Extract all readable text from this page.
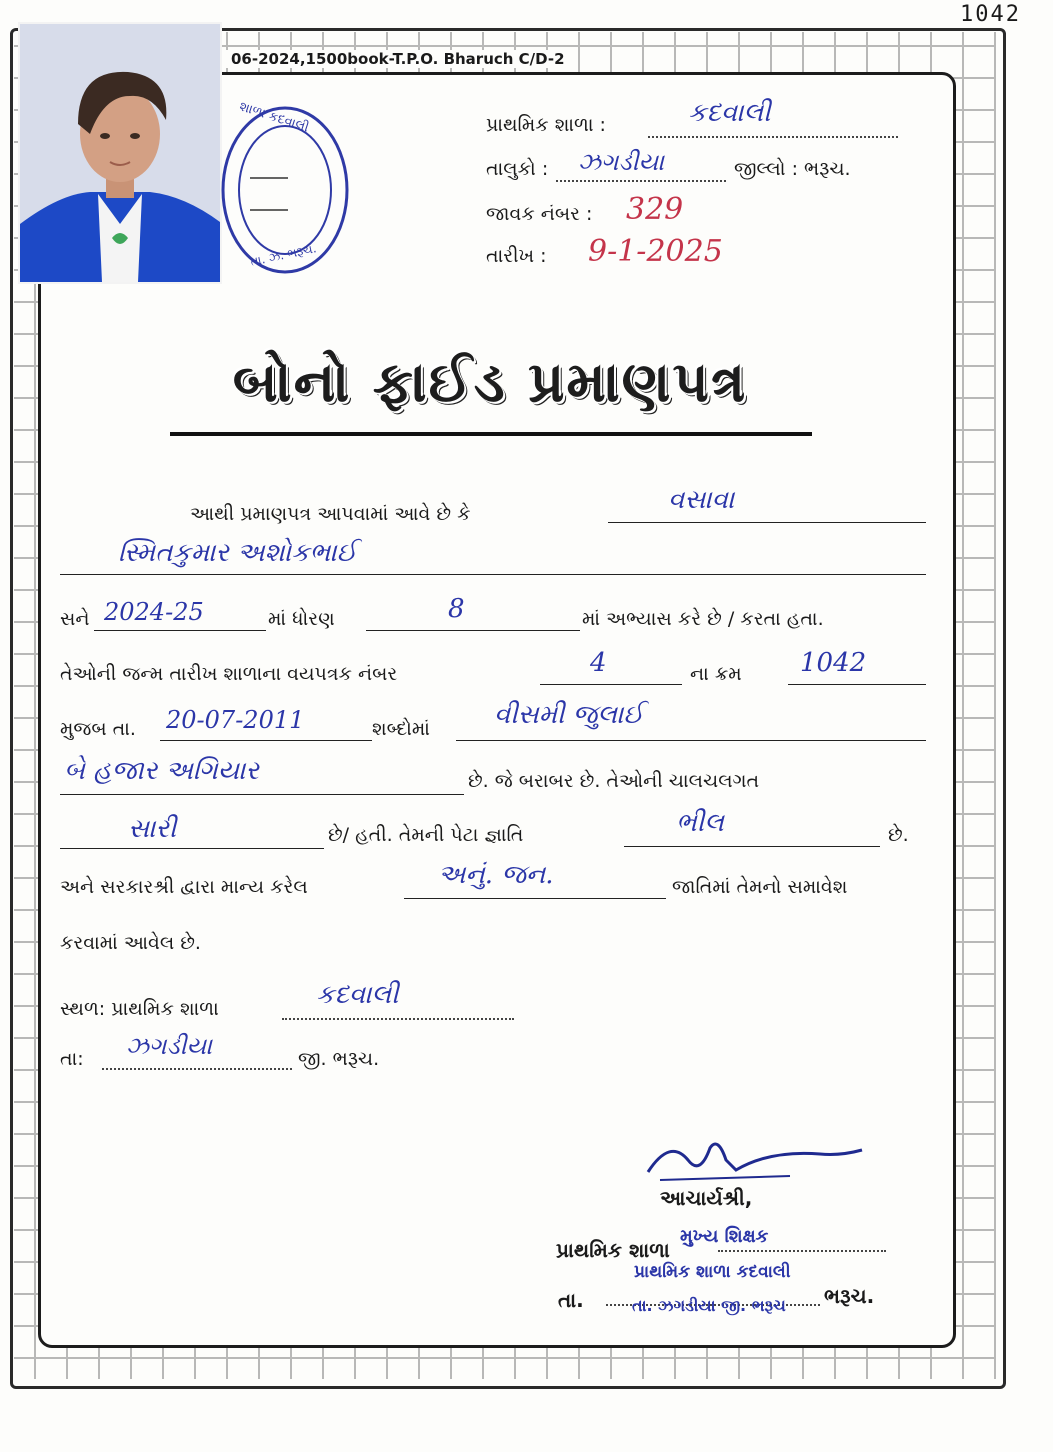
1042
06-2024,1500book-T.P.O. Bharuch C/D-2
શાળા કદવાલી
તા. ઝ. ભરૂચ.
પ્રાથમિક શાળા :	કદવાલી
તાલુકો : ઝગડીયા	જીલ્લો : ભરૂચ.
જાવક નંબર : 329
તારીખ : 9-1-2025
બોનો ફાઈડ પ્રમાણપત્ર
આથી પ્રમાણપત્ર આપવામાં આવે છે કે	વસાવા
સ્મિતકુમાર અશોકભાઈ
સને 2024-25	માં ધોરણ	8	માં અભ્યાસ કરે છે / કરતા હતા.
તેઓની જન્મ તારીખ શાળાના વયપત્રક નંબર	4	ના ક્રમ 1042
મુજબ તા. 20-07-2011	શબ્દોમાં વીસમી જુલાઈ
બે હજાર અગિયાર	છે. જે બરાબર છે. તેઓની ચાલચલગત
સારી	છે/ હતી. તેમની પેટા જ્ઞાતિ	ભીલ	છે.
અને સરકારશ્રી દ્વારા માન્ય કરેલ	અનું. જન.	જાતિમાં તેમનો સમાવેશ
કરવામાં આવેલ છે.
સ્થળ: પ્રાથમિક શાળા	કદવાલી
તા: ઝગડીયા	જી. ભરૂચ.
આચાર્યશ્રી,
પ્રાથમિક શાળા
મુખ્ય શિક્ષક
પ્રાથમિક શાળા કદવાલી
તા.	તા. ઝગડીયા જી. ભરૂચ ભરૂચ.
